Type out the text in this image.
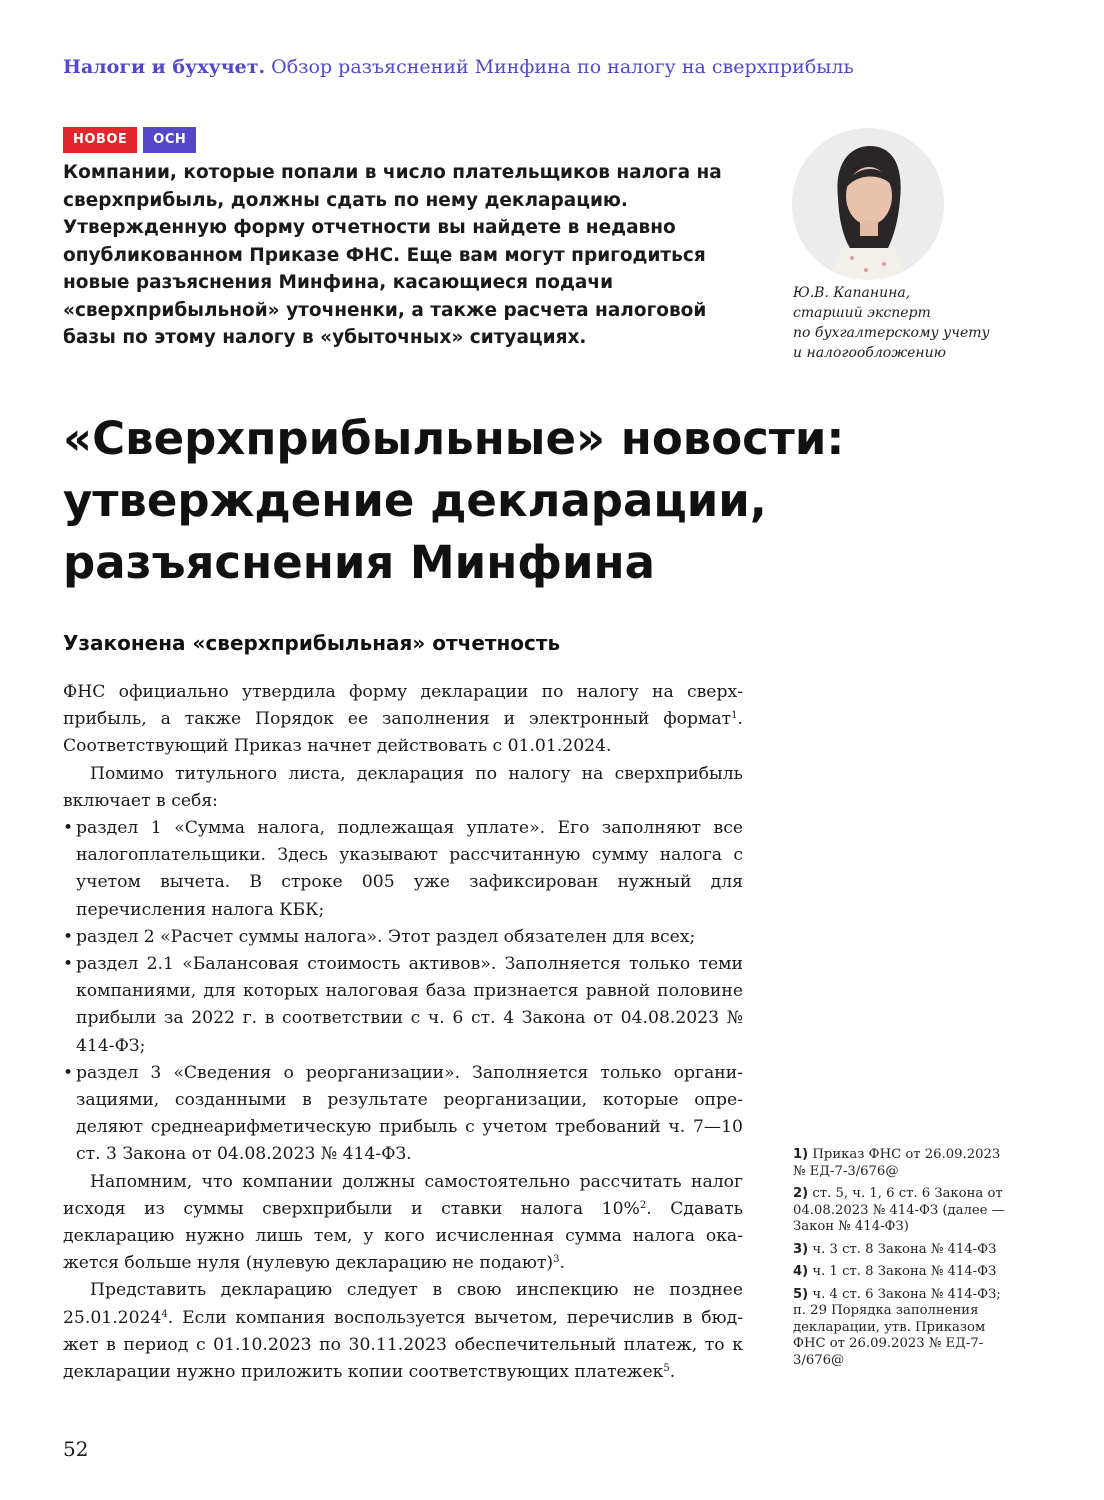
Налоги и бухучет. Обзор разъяснений Минфина по налогу на сверхприбыль
НОВОЕ	ОСН
Компании, которые попали в число плательщиков налога на сверхприбыль, должны сдать по нему декларацию. Утвержденную форму отчетности вы найдете в недавно опубликованном Приказе ФНС. Еще вам могут пригодиться новые разъяснения Минфина, касающиеся подачи «сверхприбыльной» уточненки, а также расчета налоговой базы по этому налогу в «убыточных» ситуациях.
Ю.В. Капанина,
старший эксперт
по бухгалтерскому учету
и налогообложению
«Сверхприбыльные» новости:
утверждение декларации,
разъяснения Минфина
Узаконена «сверхприбыльная» отчетность

ФНС официально утвердила форму декларации по налогу на сверхприбыль, а также Порядок ее заполнения и электронный формат$^1$. Соответствующий Приказ начнет действовать с 01.01.2024.

Помимо титульного листа, декларация по налогу на сверхприбыль включает в себя:

• раздел 1 «Сумма налога, подлежащая уплате». Его заполняют все налогоплательщики. Здесь указывают рассчитанную сумму налога с учетом вычета. В строке 005 уже зафиксирован нужный для перечисления налога КБК;
• раздел 2 «Расчет суммы налога». Этот раздел обязателен для всех;
• раздел 2.1 «Балансовая стоимость активов». Заполняется только теми компаниями, для которых налоговая база признается равной половине прибыли за 2022 г. в соответствии с ч. 6 ст. 4 Закона от 04.08.2023 № 414-ФЗ;
• раздел 3 «Сведения о реорганизации». Заполняется только организациями, созданными в результате реорганизации, которые определяют среднеарифметическую прибыль с учетом требований ч. 7—10 ст. 3 Закона от 04.08.2023 № 414-ФЗ.

Напомним, что компании должны самостоятельно рассчитать налог исходя из суммы сверхприбыли и ставки налога 10%$^2$. Сдавать декларацию нужно лишь тем, у кого исчисленная сумма налога окажется больше нуля (нулевую декларацию не подают)$^3$.

Представить декларацию следует в свою инспекцию не позднее 25.01.2024$^4$. Если компания воспользуется вычетом, перечислив в бюджет в период с 01.10.2023 по 30.11.2023 обеспечительный платеж, то к декларации нужно приложить копии соответствующих платежек$^5$.

1) Приказ ФНС от 26.09.2023 № ЕД-7-3/676@
2) ст. 5, ч. 1, 6 ст. 6 Закона от 04.08.2023 № 414-ФЗ (далее — Закон № 414-ФЗ)
3) ч. 3 ст. 8 Закона № 414-ФЗ
4) ч. 1 ст. 8 Закона № 414-ФЗ
5) ч. 4 ст. 6 Закона № 414-ФЗ; п. 29 Порядка заполнения декларации, утв. Приказом ФНС от 26.09.2023 № ЕД-7-3/676@
52
